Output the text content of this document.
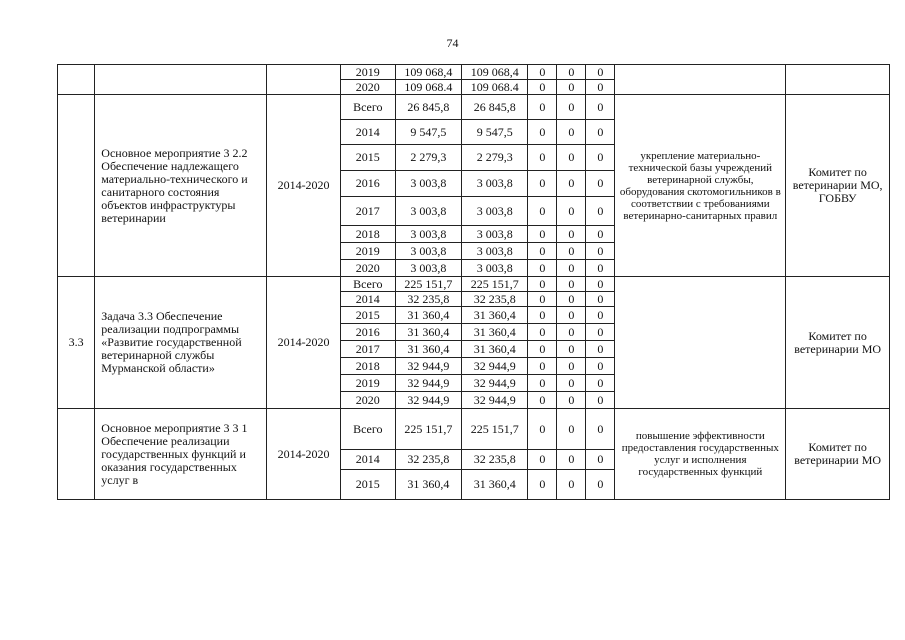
74
			2019	109 068,4	109 068,4	0	0	0		
			2020	109 068.4	109 068.4	0	0	0		
	Основное мероприятие 3 2.2 Обеспечение надлежащего материально-технического и санитарного состояния объектов инфраструктуры ветеринарии	2014-2020	Всего	26 845,8	26 845,8	0	0	0	укрепление материально-технической базы учреждений ветеринарной службы, оборудования скотомогильников в соответствии с требованиями ветеринарно-санитарных правил	Комитет по ветеринарии МО, ГОБВУ
			2014	9 547,5	9 547,5	0	0	0		
			2015	2 279,3	2 279,3	0	0	0		
			2016	3 003,8	3 003,8	0	0	0		
			2017	3 003,8	3 003,8	0	0	0		
			2018	3 003,8	3 003,8	0	0	0		
			2019	3 003,8	3 003,8	0	0	0		
			2020	3 003,8	3 003,8	0	0	0		
3.3	Задача 3.3 Обеспечение реализации подпрограммы «Развитие государственной ветеринарной службы Мурманской области»	2014-2020	Всего	225 151,7	225 151,7	0	0	0		Комитет по ветеринарии МО
			2014	32 235,8	32 235,8	0	0	0		
			2015	31 360,4	31 360,4	0	0	0		
			2016	31 360,4	31 360,4	0	0	0		
			2017	31 360,4	31 360,4	0	0	0		
			2018	32 944,9	32 944,9	0	0	0		
			2019	32 944,9	32 944,9	0	0	0		
			2020	32 944,9	32 944,9	0	0	0		
	Основное мероприятие 3 3 1 Обеспечение реализации государственных функций и оказания государственных услуг в	2014-2020	Всего	225 151,7	225 151,7	0	0	0	повышение эффективности предоставления государственных услуг и исполнения государственных функций	Комитет по ветеринарии МО
			2014	32 235,8	32 235,8	0	0	0		
			2015	31 360,4	31 360,4	0	0	0		
